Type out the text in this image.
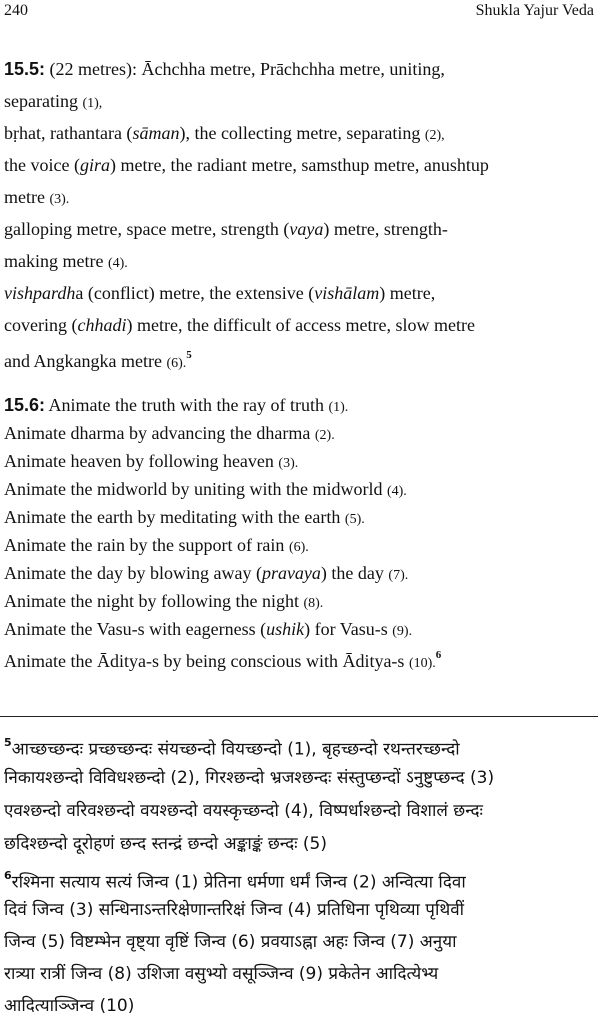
240	Shukla Yajur Veda
15.5: (22 metres): Āchchha metre, Prāchchha metre, uniting,
separating (1),
bṛhat, rathantara (sāman), the collecting metre, separating (2),
the voice (gira) metre, the radiant metre, samsthup metre, anushtup
metre (3).
galloping metre, space metre, strength (vaya) metre, strength-
making metre (4).
vishpardha (conflict) metre, the extensive (vishālam) metre,
covering (chhadi) metre, the difficult of access metre, slow metre
and Angkangka metre (6).$^5$
15.6: Animate the truth with the ray of truth (1).
Animate dharma by advancing the dharma (2).
Animate heaven by following heaven (3).
Animate the midworld by uniting with the midworld (4).
Animate the earth by meditating with the earth (5).
Animate the rain by the support of rain (6).
Animate the day by blowing away (pravaya) the day (7).
Animate the night by following the night (8).
Animate the Vasu-s with eagerness (ushik) for Vasu-s (9).
Animate the Āditya-s by being conscious with Āditya-s (10).$^6$
$^5$आच्छच्छन्दः प्रच्छच्छन्दः संयच्छन्दो वियच्छन्दो (1), बृहच्छन्दो रथन्तरच्छन्दो
निकायश्छन्दो विविधश्छन्दो (2), गिरश्छन्दो भ्रजश्छन्दः संस्तुप्छन्दों ऽनुष्टुप्छन्द (3)
एवश्छन्दो वरिवश्छन्दो वयश्छन्दो वयस्कृच्छन्दो (4), विष्पर्धाश्छन्दो विशालं छन्दः
छदिश्छन्दो दूरोहणं छन्द स्तन्द्रं छन्दो अङ्काङ्कं छन्दः (5)
$^6$रश्मिना सत्याय सत्यं जिन्व (1) प्रेतिना धर्मणा धर्मं जिन्व (2) अन्वित्या दिवा
दिवं जिन्व (3) सन्धिनाऽन्तरिक्षेणान्तरिक्षं जिन्व (4) प्रतिधिना पृथिव्या पृथिवीं
जिन्व (5) विष्टम्भेन वृष्ट्या वृष्टिं जिन्व (6) प्रवयाऽह्ना अहः जिन्व (7) अनुया
रात्र्या रात्रीं जिन्व (8) उशिजा वसुभ्यो वसूञ्जिन्व (9) प्रकेतेन आदित्येभ्य
आदित्याञ्जिन्व (10)
